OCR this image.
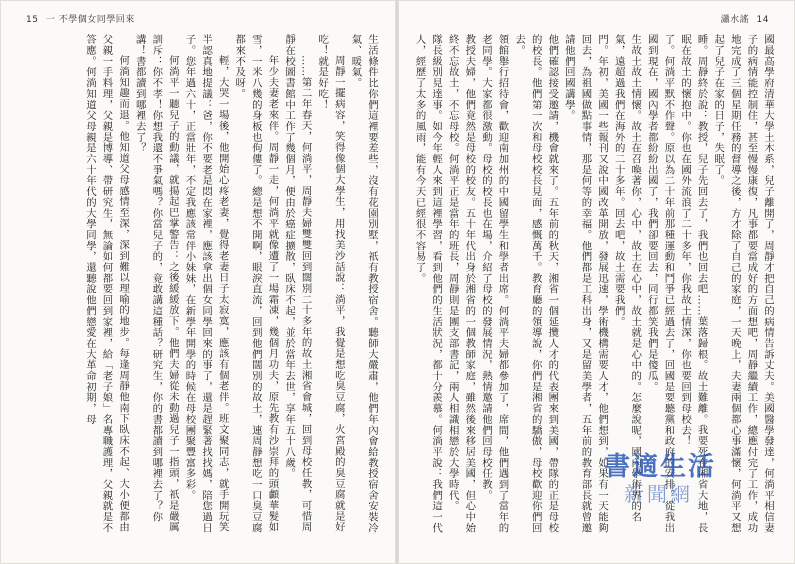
15 一 不學個女同學回來

生活條件比你們這裡要差些，沒有花園別墅，祇有教授宿舍。聽師大嚴肅，他們年內會給教授宿舍安裝冷氣、暖氣。

周靜一擺病容，笑得像個大學生，用找美沙話說：淌平，我覺是想吃臭豆腐，火宮殿的臭豆腐就是好吃！就是好吃！

……第二年春天，何淌平，周靜夫婦雙雙回到闊別二十多年的故土湘省會城，回到母校任教，可惜周靜在校圖書館中工作了幾個月，便由於癌症擴散，臥床不起，並於當年去世，享年五十八歲。

年少夫妻老來伴。周靜一走，何淌平就像遭了一場霜凍，幾個月功夫，原先教有沙崇拜的頭顱華髮如雪，一米八幾的身板也佝僂了。總是想不開啊，眼淚直流，回到他們闊別的故土，連周靜想吃一口臭豆腐都來不及呀。

輕，大哭一場後，他開始心疼老妻，覺得老妻日子太寂寞，應該有個老伴。班文聚同志，就手開玩笑半認真地提議：爸，你不要老是悶在家裡，應該拿出個女同學回來的事了，還是趕緊著找找媽，陪您過日子。您年過六十，正當壯年，不定我應該常伴小妹妹，在新學年開學的時候在母校團聚豐富多彩。

何淌平一聽兒子的動議，就揚起巴掌警告：之後緩緩放下。他們夫婦從未動過兒子一指頭，祇是嚴厲訓斥：你不孝！你想我還不爭氣嗎？你當兒子的，竟敢講這種話？研究生，你的書都讀到哪裡去了？你講！書都讀到哪裡去了？

何淌知趣而退。他知道父母感情至深，深到難以理喻的地步。每逢周靜他南下臥床不起、大小便都由父親一手料理，父親是博導、帶研究生，無論如何都要回到家裡，給「老子娘」名專職護理，父親就是不答應。何淌知道父母親是六十年代的大學同學，還聽說他們戀愛在大革命初期，母

瀟水謠 14

國最高學府清華大學土木系，兒子離開了，周靜才把自己的病情告訴丈夫。美國醫學發達，何淌平相信妻子的病情能控制住，甚至慢慢康復，凡事都要當成好的方面想吧，周靜繼續工作，總應付完了工作，成功地完成了三個星期任務的督導之後，方才除了自己的家庭，一天晚上，夫妻兩個都心事滿懷，何淌平又想起了兒子在家的日子，失眠了。

睡。周靜終於說：教授，兒子先回去了，我們也回去吧……葉落歸根。故土難離。我要死在湘省大地，長眠在故土的懷抱中。你也在國外流浪了二十多年，你我故土情深，你也要回到母校去！

了。何淌平默不作聲。原以為二十年前那種運動和鬥爭已經過去了，回國是要聽黨和政府的安排。從我出國到現在，國內學者都紛紛出國了，我們卻要回去，同行都笑我們是傻瓜。

生故土故土情懷。故土在召喚著你，心中，故土在心中，故土就是心中的。怎麼說呢，國內學術界的名氣，遠超過我們在海外的二十多年。回去吧，故土需要我們。

門。年初，美國一些報刊又說中國改革開放，發展迅速，學術機構需要人才，他們想到，如果有一天能夠回去，為祖國做點事情，那是何等的幸福。他們都是工科出身，又是留美學者，五年前的教育部長就曾邀請他們回國講學。

他們確認接受邀請，機會就來了。五年前的秋天，湘省一個延攬人才的代表團來到美國，帶隊的正是母校的校長。他們第一次和母校校長見面，感慨萬千。教育廳的領導說，你們是湘省的驕傲，母校歡迎你們回去。

領館舉行招待會，歡迎南加州的中國留學生和學者出席。何淌平夫婦都參加了，席間，他們遇到了當年的老同學。大家都很激動。母校的校長也在場，介紹了母校的發展情況，熱情邀請他們回母校任教。

教授夫婦，他們竟然是母校的校友。五十年代出身於湘省的一個教師家庭，雖然後來移居美國，但心中始終不忘故土，不忘母校。何淌平正是當年的班長，周靜則是團支部書記，兩人相識相戀於大學時代。

隊長級別見達事。如今年輕人來到這裡學習，看到他們的生活狀況，都十分羨慕。何淌平說：我們這一代人，經歷了太多的風雨，能有今天已經很不容易了。

書適生活
新聞網
